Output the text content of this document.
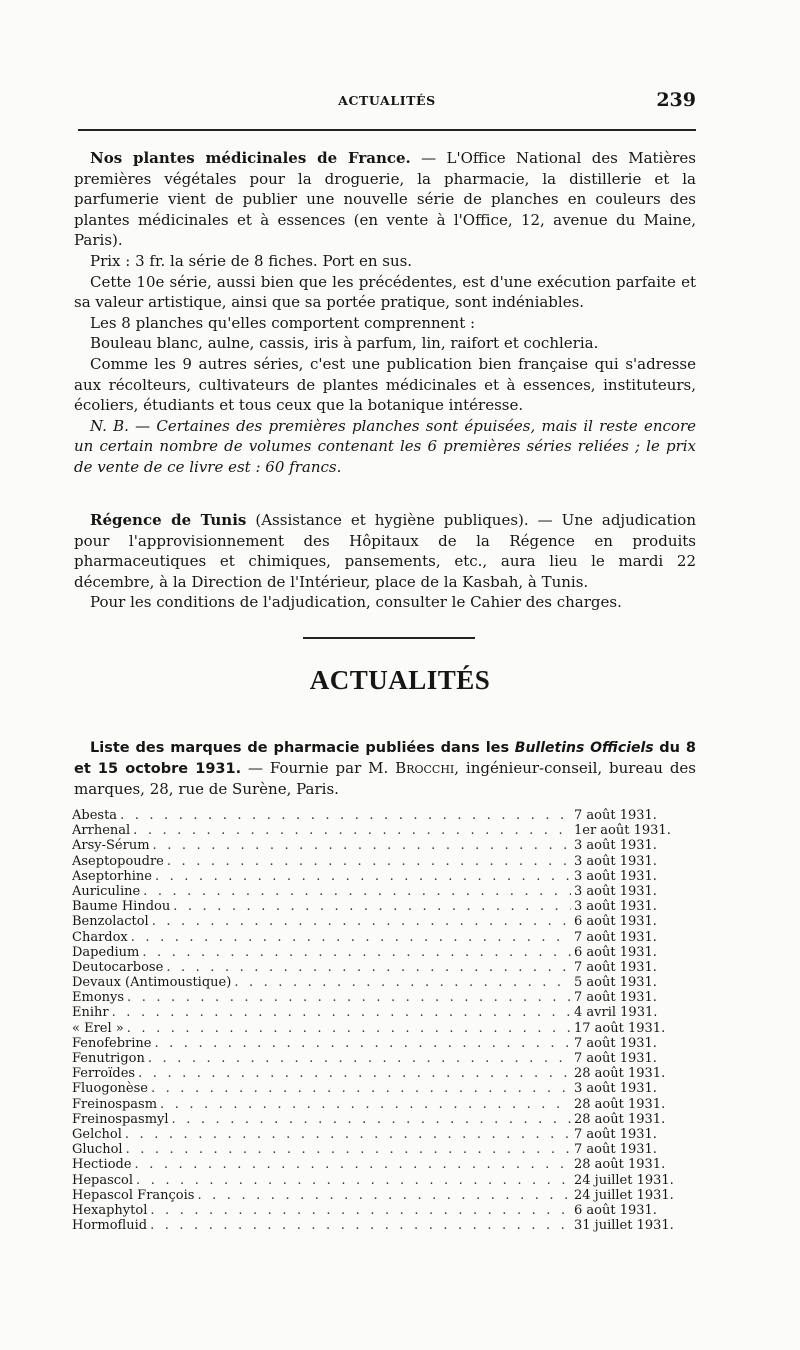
ACTUALITÉS	239

Nos plantes médicinales de France. — L'Office National des Matières premières végétales pour la droguerie, la pharmacie, la distillerie et la parfumerie vient de publier une nouvelle série de planches en couleurs des plantes médicinales et à essences (en vente à l'Office, 12, avenue du Maine, Paris).

Prix : 3 fr. la série de 8 fiches. Port en sus.

Cette 10e série, aussi bien que les précédentes, est d'une exécution parfaite et sa valeur artistique, ainsi que sa portée pratique, sont indéniables.

Les 8 planches qu'elles comportent comprennent :

Bouleau blanc, aulne, cassis, iris à parfum, lin, raifort et cochleria.

Comme les 9 autres séries, c'est une publication bien française qui s'adresse aux récolteurs, cultivateurs de plantes médicinales et à essences, instituteurs, écoliers, étudiants et tous ceux que la botanique intéresse.

N. B. — Certaines des premières planches sont épuisées, mais il reste encore un certain nombre de volumes contenant les 6 premières séries reliées ; le prix de vente de ce livre est : 60 francs.

Régence de Tunis (Assistance et hygiène publiques). — Une adjudication pour l'approvisionnement des Hôpitaux de la Régence en produits pharmaceutiques et chimiques, pansements, etc., aura lieu le mardi 22 décembre, à la Direction de l'Intérieur, place de la Kasbah, à Tunis.

Pour les conditions de l'adjudication, consulter le Cahier des charges.

ACTUALITÉS

Liste des marques de pharmacie publiées dans les Bulletins Officiels du 8 et 15 octobre 1931. — Fournie par M. Brocchi, ingénieur-conseil, bureau des marques, 28, rue de Surène, Paris.

Abesta . . .	7 août 1931.
Arrhenal . . .	1er août 1931.
Arsy-Sérum . . .	3 août 1931.
Aseptopoudre . . .	3 août 1931.
Aseptorhine . . .	3 août 1931.
Auriculine . . .	3 août 1931.
Baume Hindou . . .	3 août 1931.
Benzolactol . . .	6 août 1931.
Chardox . . .	7 août 1931.
Dapedium . . .	6 août 1931.
Deutocarbose . . .	7 août 1931.
Devaux (Antimoustique) . . .	5 août 1931.
Emonys . . .	7 août 1931.
Enihr . . .	4 avril 1931.
« Erel » . . .	17 août 1931.
Fenofebrine . . .	7 août 1931.
Fenutrigon . . .	7 août 1931.
Ferroïdes . . .	28 août 1931.
Fluogonèse . . .	3 août 1931.
Freinospasm . . .	28 août 1931.
Freinospasmyl . . .	28 août 1931.
Gelchol . . .	7 août 1931.
Gluchol . . .	7 août 1931.
Hectiode . . .	28 août 1931.
Hepascol . . .	24 juillet 1931.
Hepascol François . . .	24 juillet 1931.
Hexaphytol . . .	6 août 1931.
Hormofluid . . .	31 juillet 1931.
